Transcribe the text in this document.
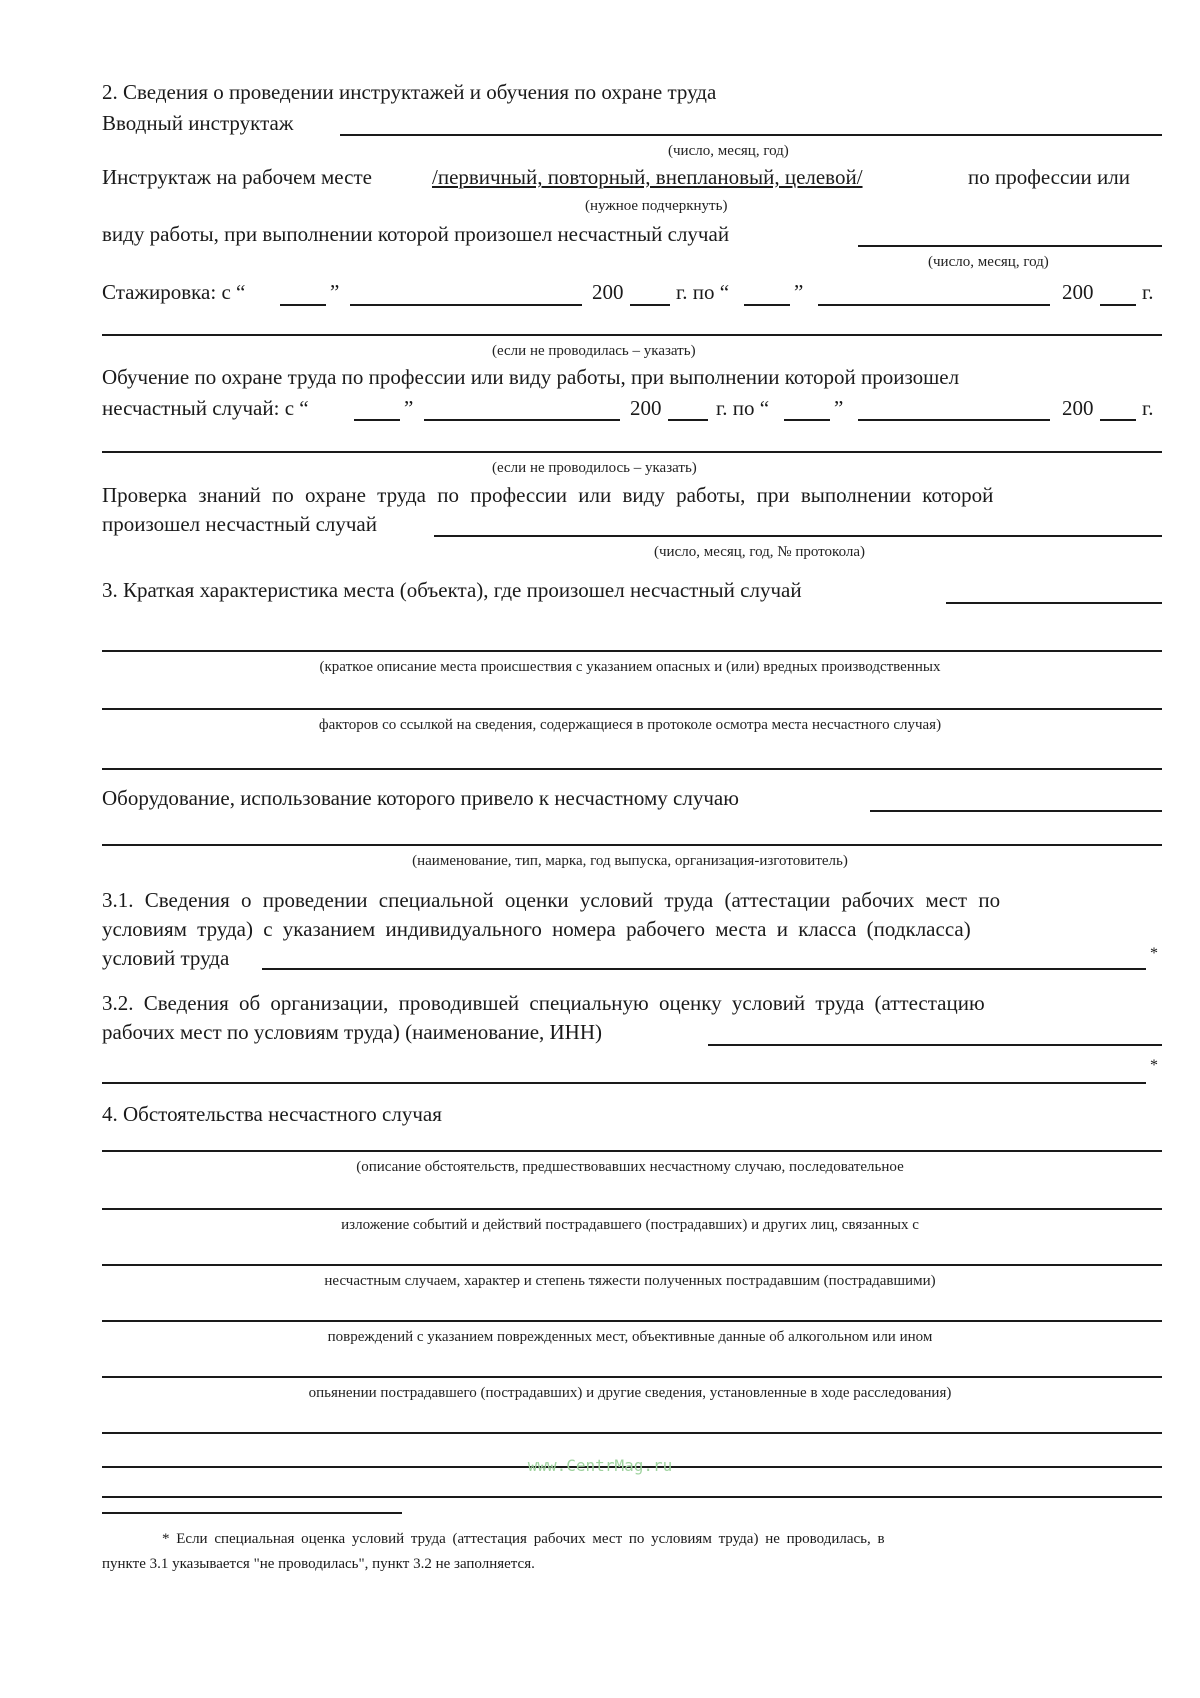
2. Сведения о проведении инструктажей и обучения по охране труда
Вводный инструктаж
(число, месяц, год)
Инструктаж на рабочем месте	/первичный, повторный, внеплановый, целевой/	по профессии или
(нужное подчеркнуть)
виду работы, при выполнении которой произошел несчастный случай
(число, месяц, год)
Стажировка: с “	”	200	г. по “	”	200 г.
(если не проводилась – указать)
Обучение по охране труда по профессии или виду работы, при выполнении которой произошел
несчастный случай: с “	”	200	г. по “	”	200 г.
(если не проводилось – указать)
Проверка знаний по охране труда по профессии или виду работы, при выполнении которой
произошел несчастный случай
(число, месяц, год, № протокола)
3. Краткая характеристика места (объекта), где произошел несчастный случай
(краткое описание места происшествия с указанием опасных и (или) вредных производственных
факторов со ссылкой на сведения, содержащиеся в протоколе осмотра места несчастного случая)
Оборудование, использование которого привело к несчастному случаю
(наименование, тип, марка, год выпуска, организация-изготовитель)
3.1. Сведения о проведении специальной оценки условий труда (аттестации рабочих мест по
условиям труда) с указанием индивидуального номера рабочего места и класса (подкласса)
условий труда	*
3.2. Сведения об организации, проводившей специальную оценку условий труда (аттестацию
рабочих мест по условиям труда) (наименование, ИНН)
*
4. Обстоятельства несчастного случая
(описание обстоятельств, предшествовавших несчастному случаю, последовательное
изложение событий и действий пострадавшего (пострадавших) и других лиц, связанных с
несчастным случаем, характер и степень тяжести полученных пострадавшим (пострадавшими)
повреждений с указанием поврежденных мест, объективные данные об алкогольном или ином
опьянении пострадавшего (пострадавших) и другие сведения, установленные в ходе расследования)
www.CentrMag.ru
* Если специальная оценка условий труда (аттестация рабочих мест по условиям труда) не проводилась, в
пункте 3.1 указывается "не проводилась", пункт 3.2 не заполняется.
